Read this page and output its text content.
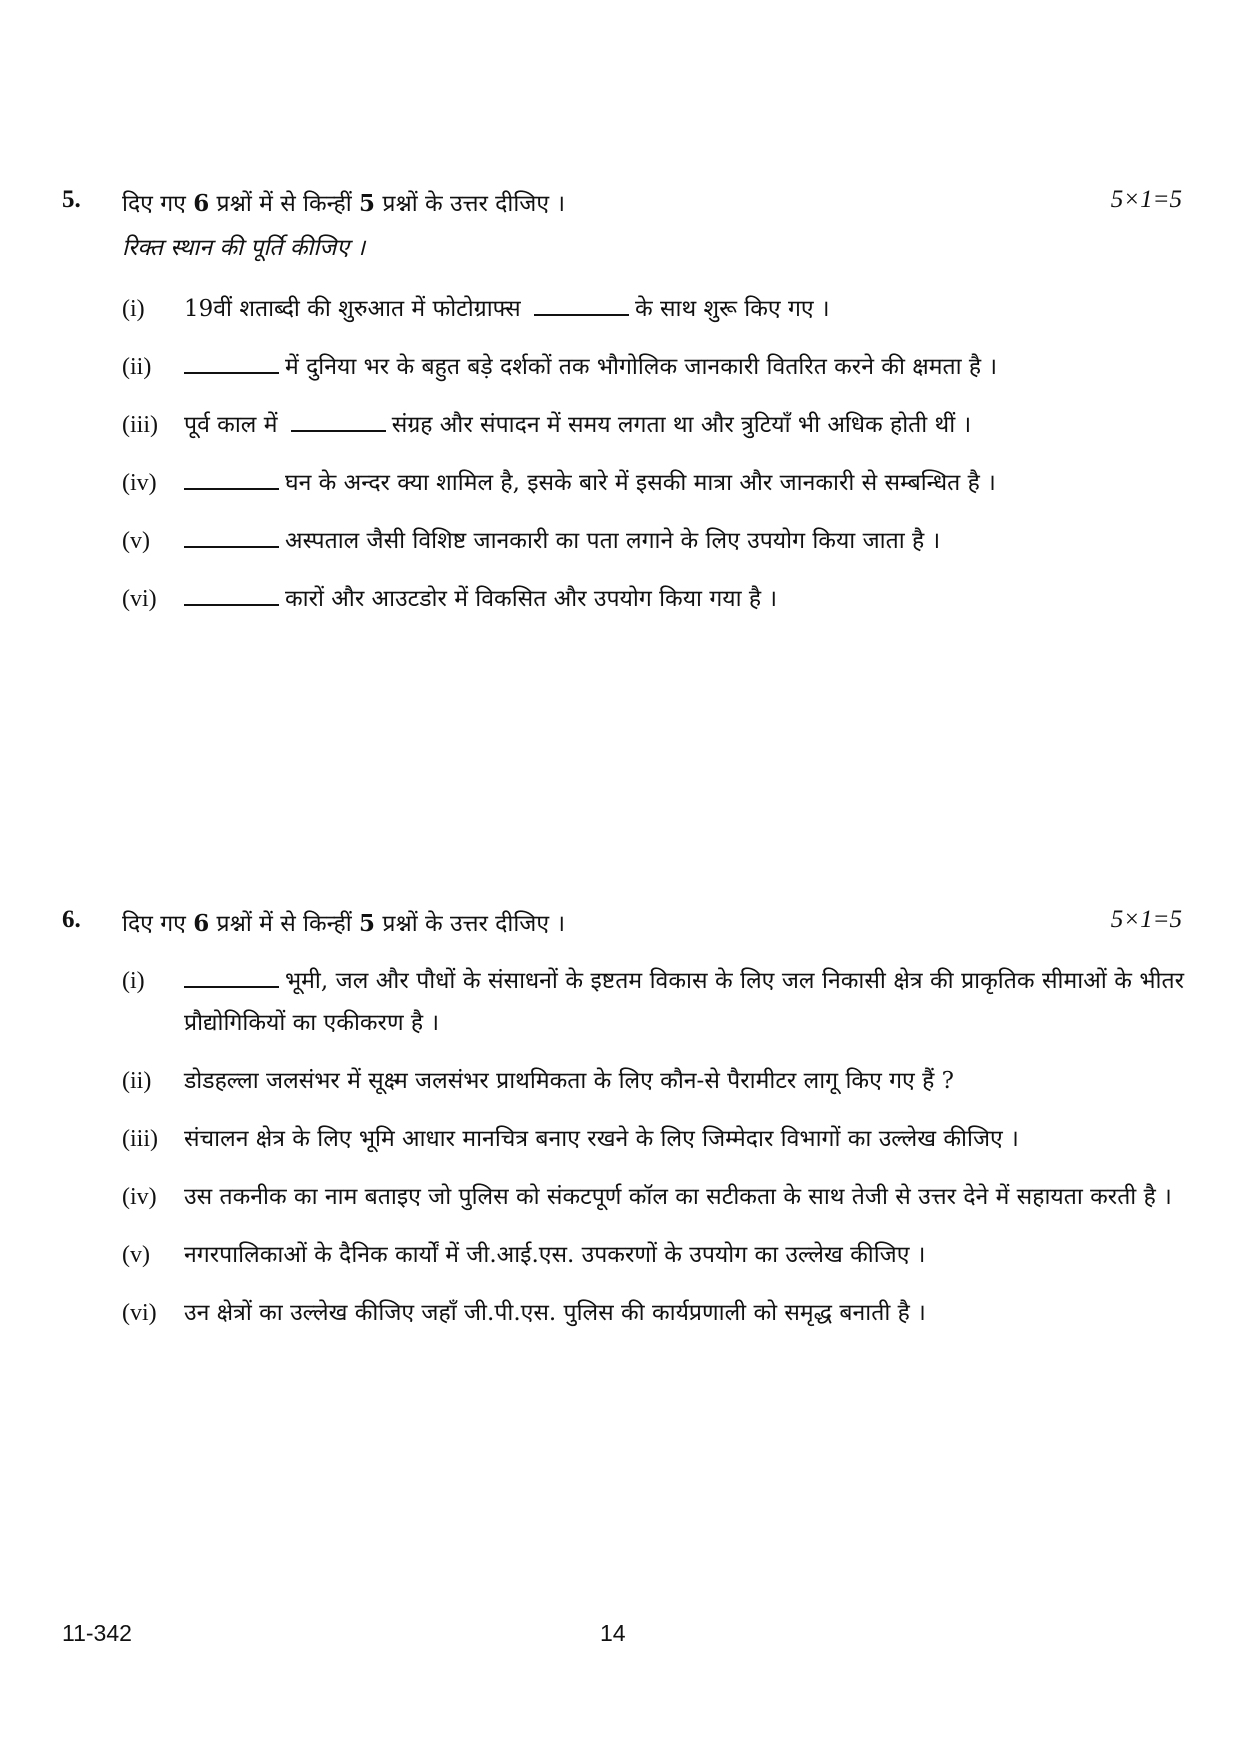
5. दिए गए 6 प्रश्नों में से किन्हीं 5 प्रश्नों के उत्तर दीजिए ।	5×1=5
रिक्त स्थान की पूर्ति कीजिए ।
(i) 19वीं शताब्दी की शुरुआत में फोटोग्राफ्स	के साथ शुरू किए गए ।
(ii)	में दुनिया भर के बहुत बड़े दर्शकों तक भौगोलिक जानकारी वितरित करने की क्षमता है ।
(iii) पूर्व काल में	संग्रह और संपादन में समय लगता था और त्रुटियाँ भी अधिक होती थीं ।
(iv)	घन के अन्दर क्या शामिल है, इसके बारे में इसकी मात्रा और जानकारी से सम्बन्धित है ।
(v)	अस्पताल जैसी विशिष्ट जानकारी का पता लगाने के लिए उपयोग किया जाता है ।
(vi)	कारों और आउटडोर में विकसित और उपयोग किया गया है ।
6. दिए गए 6 प्रश्नों में से किन्हीं 5 प्रश्नों के उत्तर दीजिए ।	5×1=5
(i)	भूमी, जल और पौधों के संसाधनों के इष्टतम विकास के लिए जल निकासी क्षेत्र की प्राकृतिक सीमाओं के भीतर प्रौद्योगिकियों का एकीकरण है ।
(ii) डोडहल्ला जलसंभर में सूक्ष्म जलसंभर प्राथमिकता के लिए कौन-से पैरामीटर लागू किए गए हैं ?
(iii) संचालन क्षेत्र के लिए भूमि आधार मानचित्र बनाए रखने के लिए जिम्मेदार विभागों का उल्लेख कीजिए ।
(iv) उस तकनीक का नाम बताइए जो पुलिस को संकटपूर्ण कॉल का सटीकता के साथ तेजी से उत्तर देने में सहायता करती है ।
(v) नगरपालिकाओं के दैनिक कार्यों में जी.आई.एस. उपकरणों के उपयोग का उल्लेख कीजिए ।
(vi) उन क्षेत्रों का उल्लेख कीजिए जहाँ जी.पी.एस. पुलिस की कार्यप्रणाली को समृद्ध बनाती है ।
11-342	14
